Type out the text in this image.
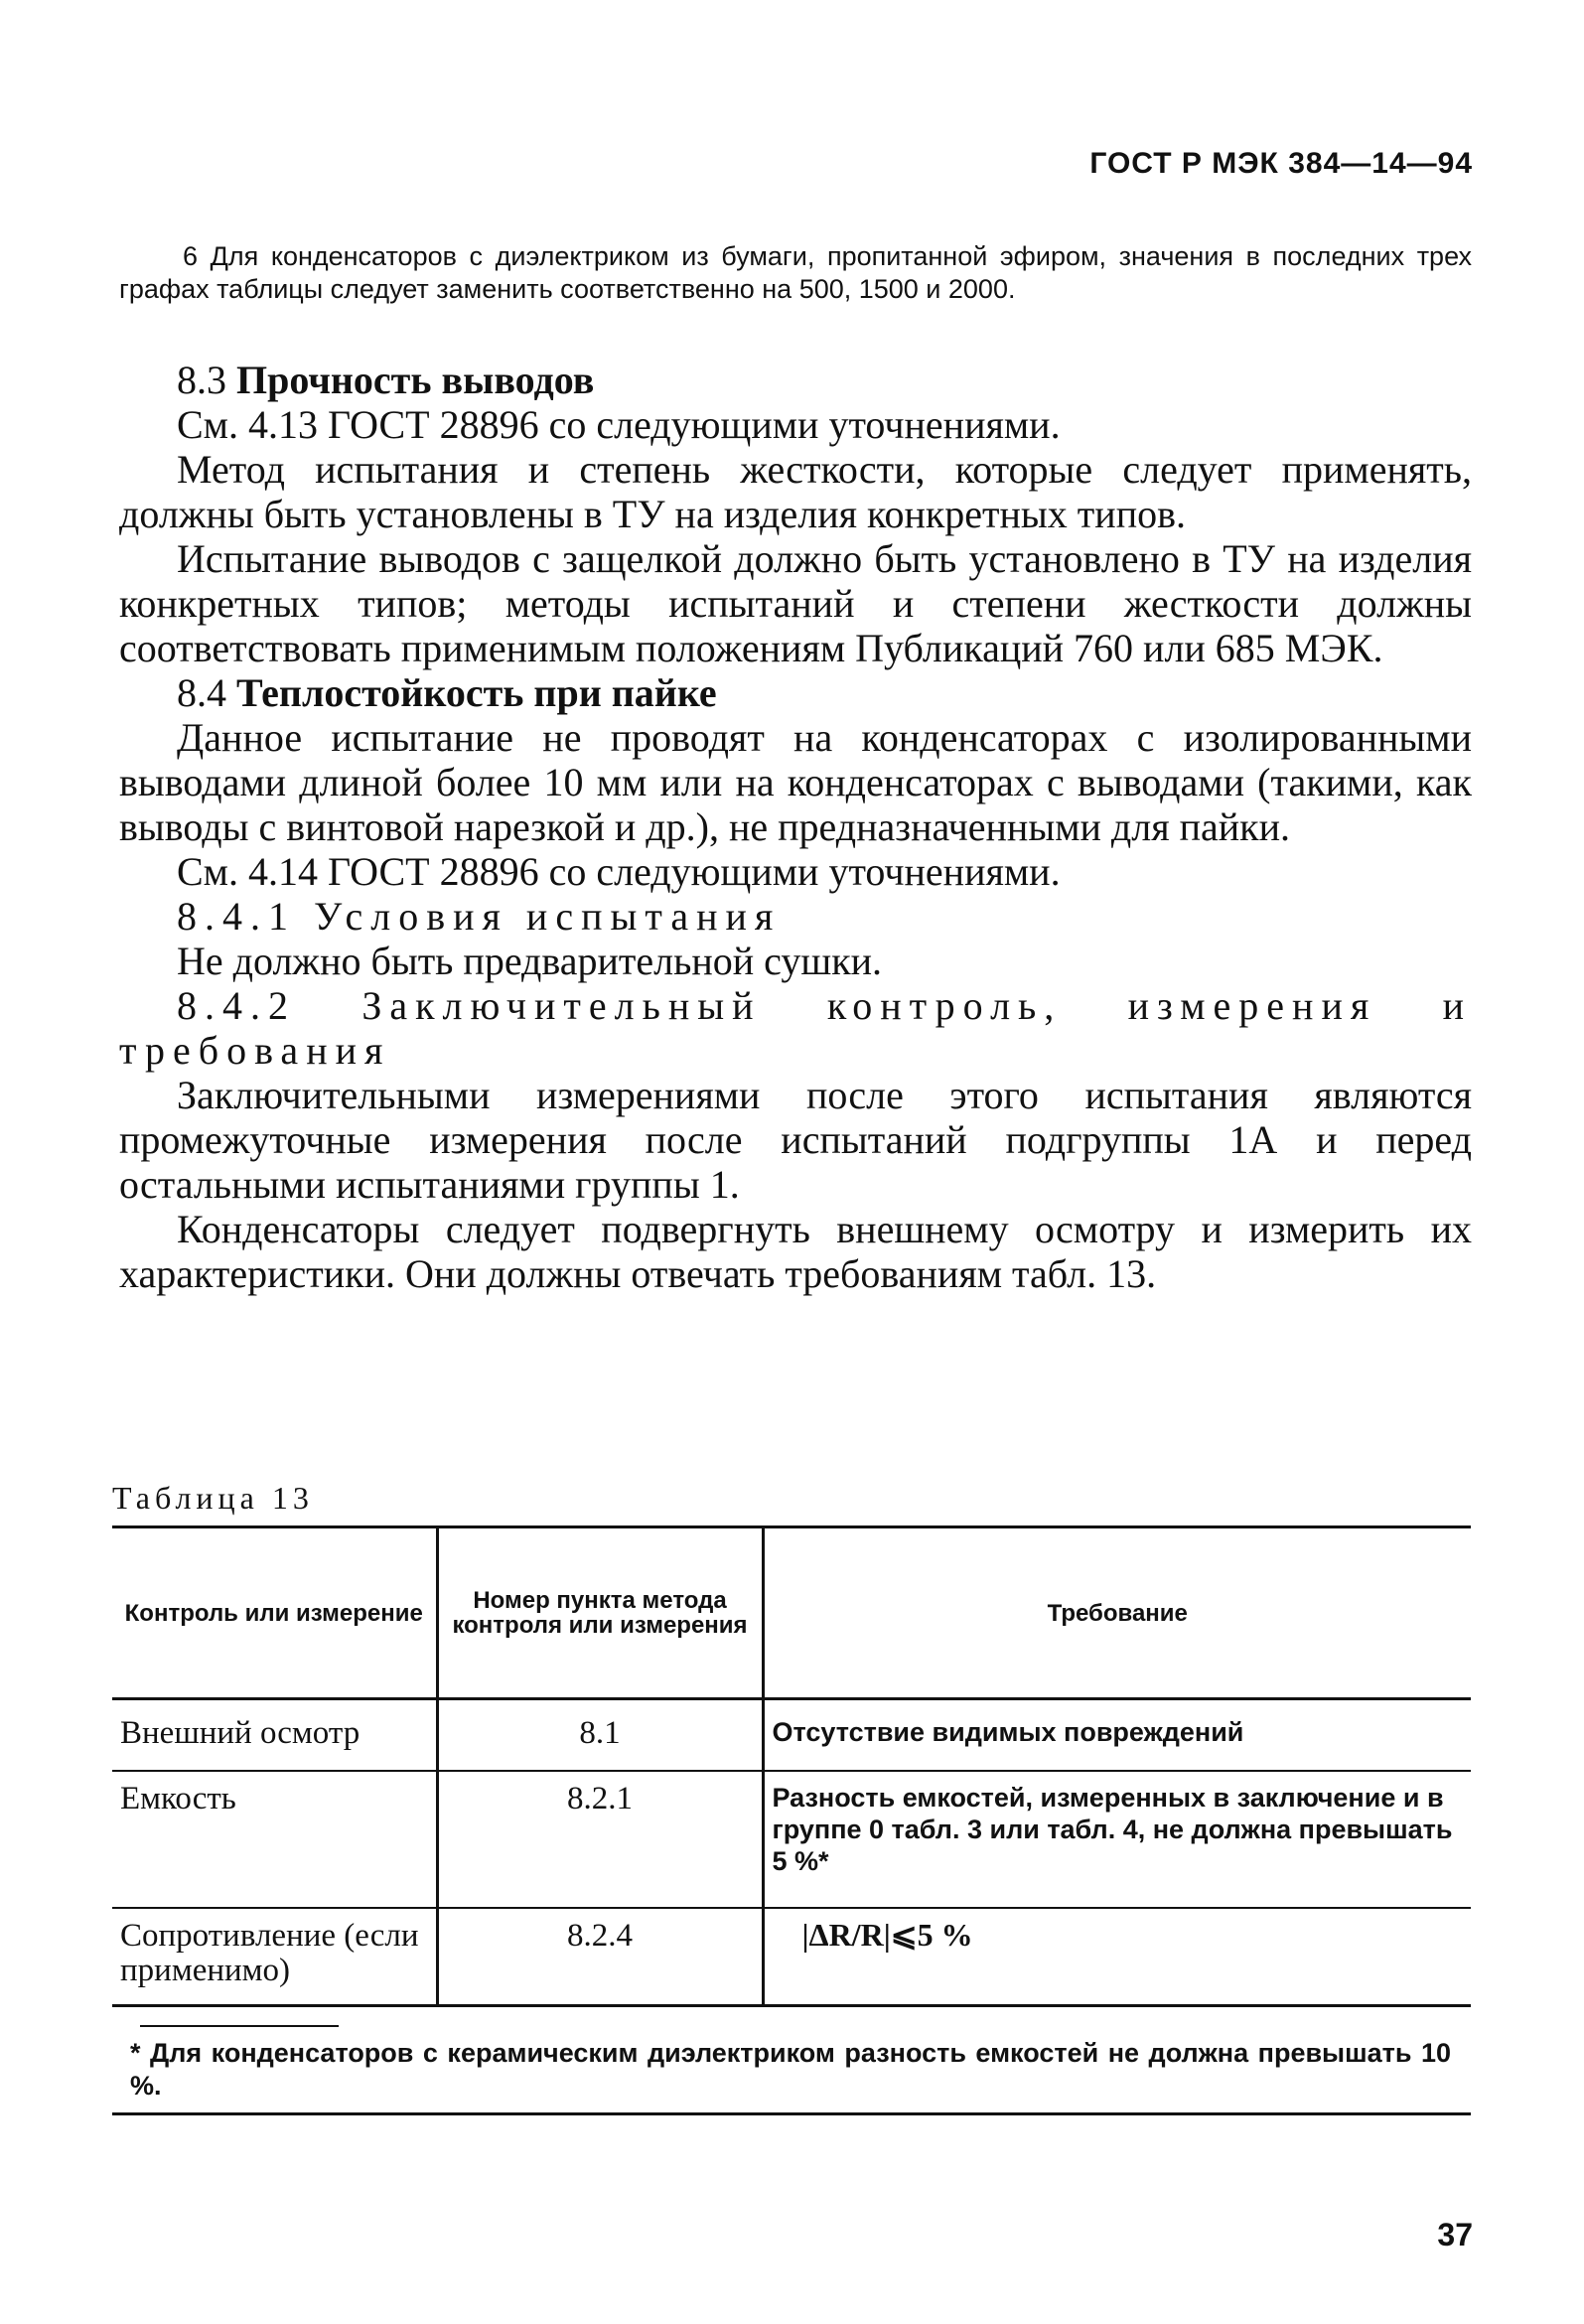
ГОСТ Р МЭК 384—14—94

6 Для конденсаторов с диэлектриком из бумаги, пропитанной эфиром, значения в последних трех графах таблицы следует заменить соответственно на 500, 1500 и 2000.

8.3 Прочность выводов

См. 4.13 ГОСТ 28896 со следующими уточнениями.

Метод испытания и степень жесткости, которые следует применять, должны быть установлены в ТУ на изделия конкретных типов.

Испытание выводов с защелкой должно быть установлено в ТУ на изделия конкретных типов; методы испытаний и степени жесткости должны соответствовать применимым положениям Публикаций 760 или 685 МЭК.

8.4 Теплостойкость при пайке

Данное испытание не проводят на конденсаторах с изолированными выводами длиной более 10 мм или на конденсаторах с выводами (такими, как выводы с винтовой нарезкой и др.), не предназначенными для пайки.

См. 4.14 ГОСТ 28896 со следующими уточнениями.

8.4.1 Условия испытания

Не должно быть предварительной сушки.

8.4.2 Заключительный контроль, измерения и требования

Заключительными измерениями после этого испытания являются промежуточные измерения после испытаний подгруппы 1А и перед остальными испытаниями группы 1.

Конденсаторы следует подвергнуть внешнему осмотру и измерить их характеристики. Они должны отвечать требованиям табл. 13.

Таблица 13
Контроль или измерение	Номер пункта метода контроля или измерения	Требование
Внешний осмотр	8.1	Отсутствие видимых повреждений
Емкость	8.2.1	Разность емкостей, измеренных в заключение и в группе 0 табл. 3 или табл. 4, не должна превышать 5 %*
Сопротивление (если применимо)	8.2.4	|ΔR/R|⩽5 %

* Для конденсаторов с керамическим диэлектриком разность емкостей не должна превышать 10 %.		
37
